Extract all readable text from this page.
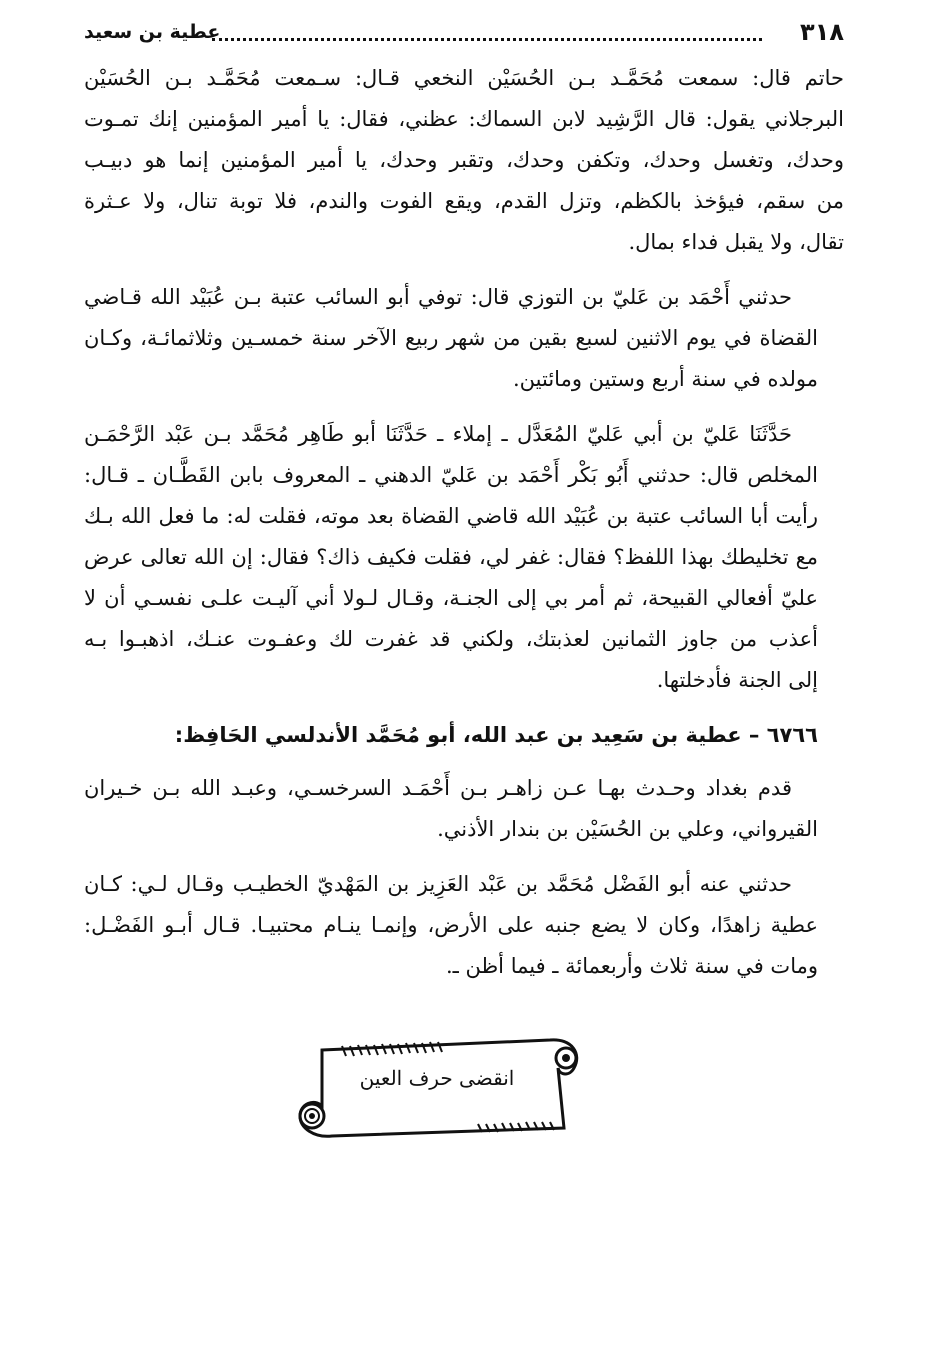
٣١٨
عطية بن سعيد

حاتم قال: سمعت مُحَمَّـد بـن الحُسَيْن النخعي قـال: سـمعت مُحَمَّـد بـن الحُسَيْن
البرجلاني يقول: قال الرَّشِيد لابن السماك: عظني، فقال: يا أمير المؤمنين إنك تمـوت
وحدك، وتغسل وحدك، وتكفن وحدك، وتقبر وحدك، يا أمير المؤمنين إنما هو دبيـب
من سقم، فيؤخذ بالكظم، وتزل القدم، ويقع الفوت والندم، فلا توبة تنال، ولا عـثرة
تقال، ولا يقبل فداء بمال.

حدثني أَحْمَد بن عَليّ بن التوزي قال: توفي أبو السائب عتبة بـن عُبَيْد الله قـاضي
القضاة في يوم الاثنين لسبع بقين من شهر ربيع الآخر سنة خمسـين وثلاثمائـة، وكـان
مولده في سنة أربع وستين ومائتين.

حَدَّثَنَا عَليّ بن أبي عَليّ المُعَدَّل ـ إملاء ـ حَدَّثَنَا أبو طَاهِر مُحَمَّد بـن عَبْد الرَّحْمَـن
المخلص قال: حدثني أَبُو بَكْر أَحْمَد بن عَليّ الدهني ـ المعروف بابن القَطَّـان ـ قـال:
رأيت أبا السائب عتبة بن عُبَيْد الله قاضي القضاة بعد موته، فقلت له: ما فعل الله بـك
مع تخليطك بهذا اللفظ؟ فقال: غفر لي، فقلت فكيف ذاك؟ فقال: إن الله تعالى عرض
عليّ أفعالي القبيحة، ثم أمر بي إلى الجنـة، وقـال لـولا أني آليـت علـى نفسـي أن لا
أعذب من جاوز الثمانين لعذبتك، ولكني قد غفرت لك وعفـوت عنـك، اذهبـوا بـه
إلى الجنة فأدخلتها.

٦٧٦٦ – عطية بن سَعِيد بن عبد الله، أبو مُحَمَّد الأندلسي الحَافِظ:

قدم بغداد وحـدث بهـا عـن زاهـر بـن أَحْمَـد السرخسـي، وعبـد الله بـن خـيران
القيرواني، وعلي بن الحُسَيْن بن بندار الأذني.

حدثني عنه أبو الفَضْل مُحَمَّد بن عَبْد العَزِيز بن المَهْديّ الخطيـب وقـال لـي: كـان
عطية زاهدًا، وكان لا يضع جنبه على الأرض، وإنمـا ينـام محتبيـا. قـال أبـو الفَضْـل:
ومات في سنة ثلاث وأربعمائة ـ فيما أظن ـ.

انقضى حرف العين
